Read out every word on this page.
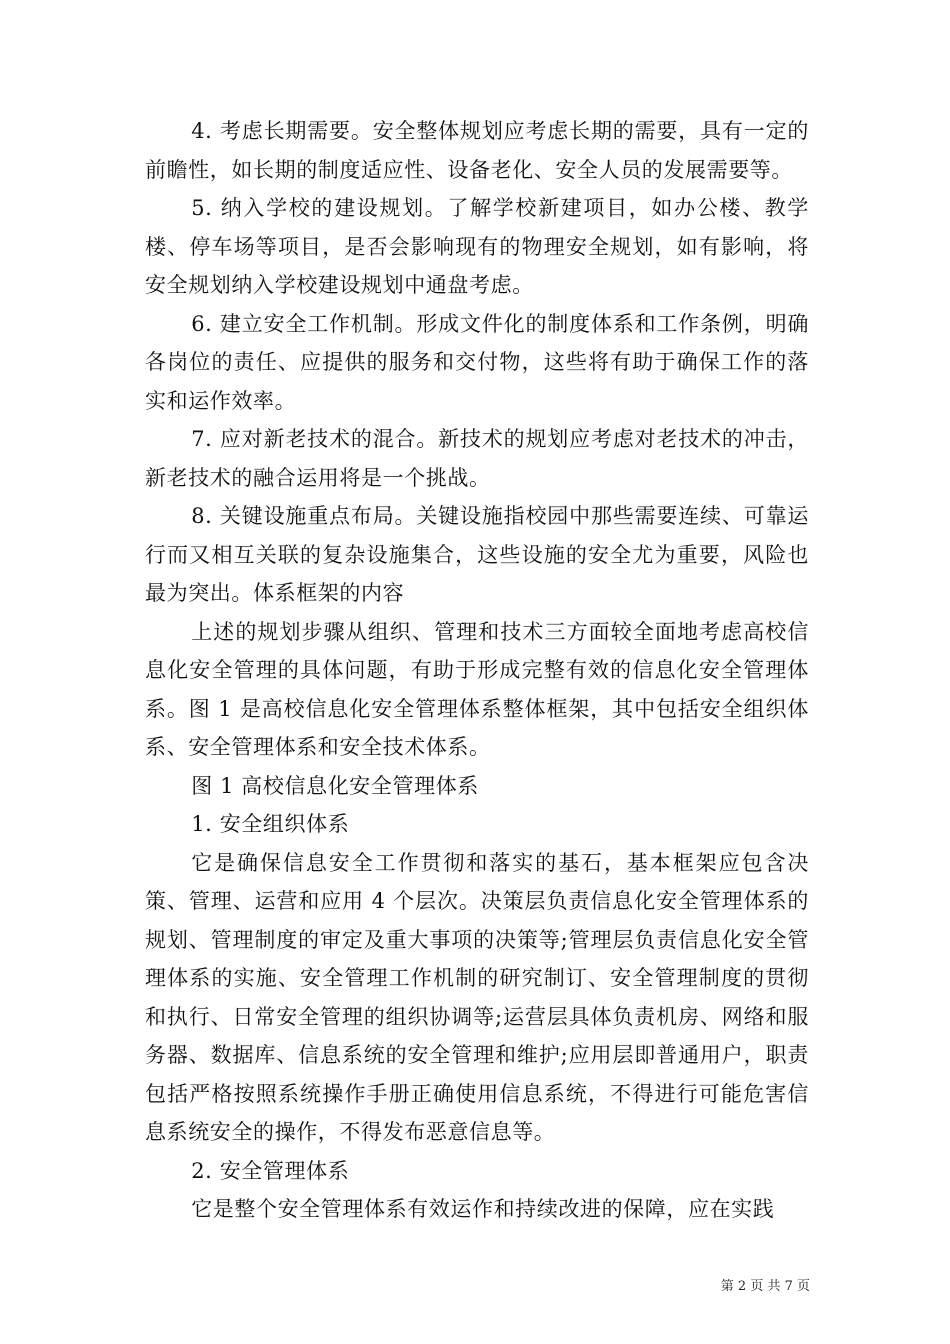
4. 考虑长期需要。安全整体规划应考虑长期的需要，具有一定的前瞻性，如长期的制度适应性、设备老化、安全人员的发展需要等。

5. 纳入学校的建设规划。了解学校新建项目，如办公楼、教学楼、停车场等项目，是否会影响现有的物理安全规划，如有影响，将安全规划纳入学校建设规划中通盘考虑。

6. 建立安全工作机制。形成文件化的制度体系和工作条例，明确各岗位的责任、应提供的服务和交付物，这些将有助于确保工作的落实和运作效率。

7. 应对新老技术的混合。新技术的规划应考虑对老技术的冲击，新老技术的融合运用将是一个挑战。

8. 关键设施重点布局。关键设施指校园中那些需要连续、可靠运行而又相互关联的复杂设施集合，这些设施的安全尤为重要，风险也最为突出。体系框架的内容

上述的规划步骤从组织、管理和技术三方面较全面地考虑高校信息化安全管理的具体问题，有助于形成完整有效的信息化安全管理体系。图 1 是高校信息化安全管理体系整体框架，其中包括安全组织体系、安全管理体系和安全技术体系。

图 1 高校信息化安全管理体系

1. 安全组织体系

它是确保信息安全工作贯彻和落实的基石，基本框架应包含决策、管理、运营和应用 4 个层次。决策层负责信息化安全管理体系的规划、管理制度的审定及重大事项的决策等;管理层负责信息化安全管理体系的实施、安全管理工作机制的研究制订、安全管理制度的贯彻和执行、日常安全管理的组织协调等;运营层具体负责机房、网络和服务器、数据库、信息系统的安全管理和维护;应用层即普通用户，职责包括严格按照系统操作手册正确使用信息系统，不得进行可能危害信息系统安全的操作，不得发布恶意信息等。

2. 安全管理体系

它是整个安全管理体系有效运作和持续改进的保障，应在实践

第 2 页 共 7 页
